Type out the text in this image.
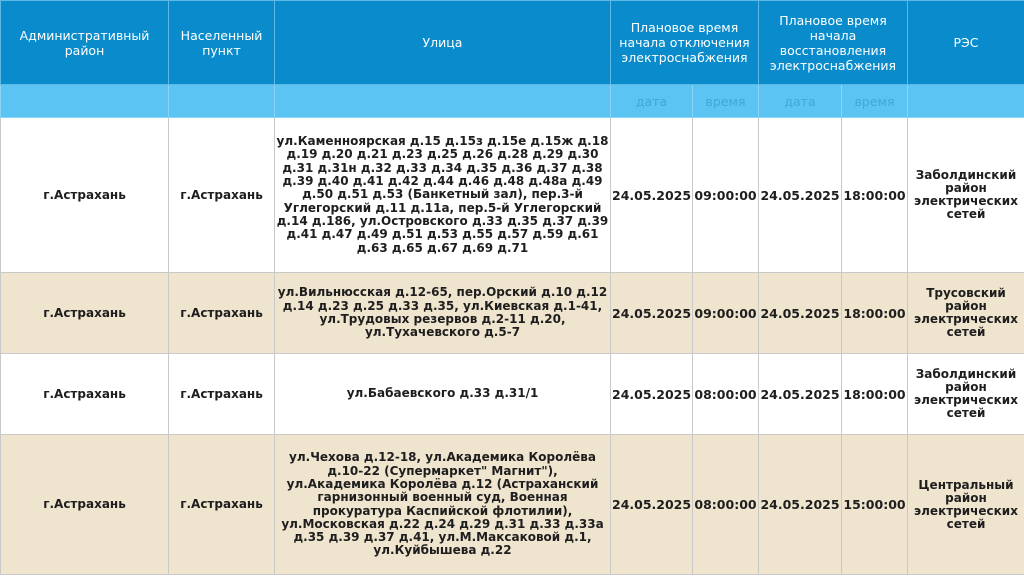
Административный район	Населенный пункт	Улица	Плановое время начала отключения электроснабжения		Плановое время начала восстановления электроснабжения		РЭС
			дата	время	дата	время	
г.Астрахань	г.Астрахань	ул.Каменноярская д.15 д.15з д.15е д.15ж д.18 д.19 д.20 д.21 д.23 д.25 д.26 д.28 д.29 д.30 д.31 д.31н д.32 д.33 д.34 д.35 д.36 д.37 д.38 д.39 д.40 д.41 д.42 д.44 д.46 д.48 д.48а д.49 д.50 д.51 д.53 (Банкетный зал), пер.3-й Углегорский д.11 д.11а, пер.5-й Углегорский д.14 д.186, ул.Островского д.33 д.35 д.37 д.39 д.41 д.47 д.49 д.51 д.53 д.55 д.57 д.59 д.61 д.63 д.65 д.67 д.69 д.71	24.05.2025	09:00:00	24.05.2025	18:00:00	Заболдинский район электрических сетей
г.Астрахань	г.Астрахань	ул.Вильнюсская д.12-65, пер.Орский д.10 д.12 д.14 д.23 д.25 д.33 д.35, ул.Киевская д.1-41, ул.Трудовых резервов д.2-11 д.20, ул.Тухачевского д.5-7	24.05.2025	09:00:00	24.05.2025	18:00:00	Трусовский район электрических сетей
г.Астрахань	г.Астрахань	ул.Бабаевского д.33 д.31/1	24.05.2025	08:00:00	24.05.2025	18:00:00	Заболдинский район электрических сетей
г.Астрахань	г.Астрахань	ул.Чехова д.12-18, ул.Академика Королёва д.10-22 (Супермаркет" Магнит"), ул.Академика Королёва д.12 (Астраханский гарнизонный военный суд, Военная прокуратура Каспийской флотилии), ул.Московская д.22 д.24 д.29 д.31 д.33 д.33а д.35 д.39 д.37 д.41, ул.М.Максаковой д.1, ул.Куйбышева д.22	24.05.2025	08:00:00	24.05.2025	15:00:00	Центральный район электрических сетей
